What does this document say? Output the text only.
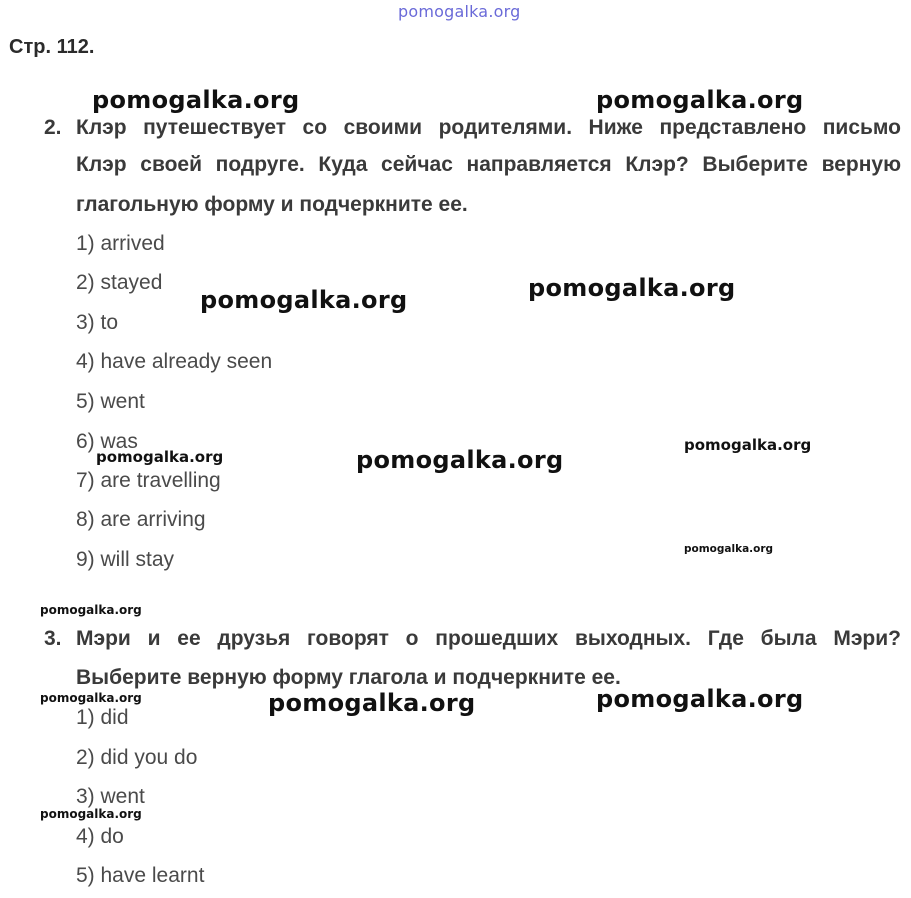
pomogalka.org
Стр. 112.
2. Клэр путешествует со своими родителями. Ниже представлено письмо
Клэр своей подруге. Куда сейчас направляется Клэр? Выберите верную
глагольную форму и подчеркните ее.
1) arrived
2) stayed
3) to
4) have already seen
5) went
6) was
7) are travelling
8) are arriving
9) will stay
3. Мэри и ее друзья говорят о прошедших выходных. Где была Мэри?
Выберите верную форму глагола и подчеркните ее.
1) did
2) did you do
3) went
4) do
5) have learnt
pomogalka.org	pomogalka.org
pomogalka.org	pomogalka.org
pomogalka.org
pomogalka.org	pomogalka.org
pomogalka.org
pomogalka.org
pomogalka.org	pomogalka.org	pomogalka.org
pomogalka.org
